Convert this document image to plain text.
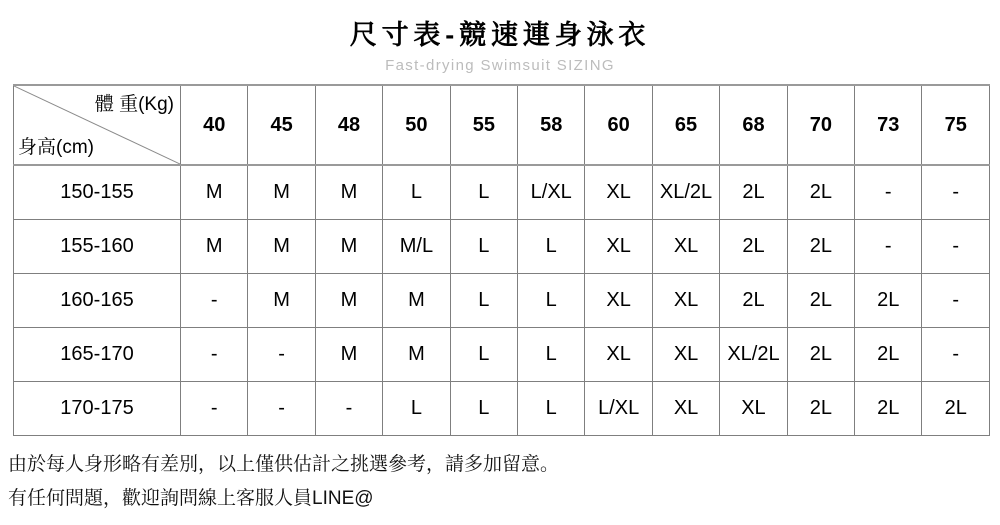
尺寸表-競速連身泳衣
Fast-drying Swimsuit SIZING
體 重(Kg)
身高(cm)	40	45	48	50	55	58	60	65	68	70	73	75
150-155	M	M	M	L	L	L/XL	XL	XL/2L	2L	2L	-	-
155-160	M	M	M	M/L	L	L	XL	XL	2L	2L	-	-
160-165	-	M	M	M	L	L	XL	XL	2L	2L	2L	-
165-170	-	-	M	M	L	L	XL	XL	XL/2L	2L	2L	-
170-175	-	-	-	L	L	L	L/XL	XL	XL	2L	2L	2L
由於每人身形略有差別，以上僅供估計之挑選參考，請多加留意。
有任何問題，歡迎詢問線上客服人員LINE@
